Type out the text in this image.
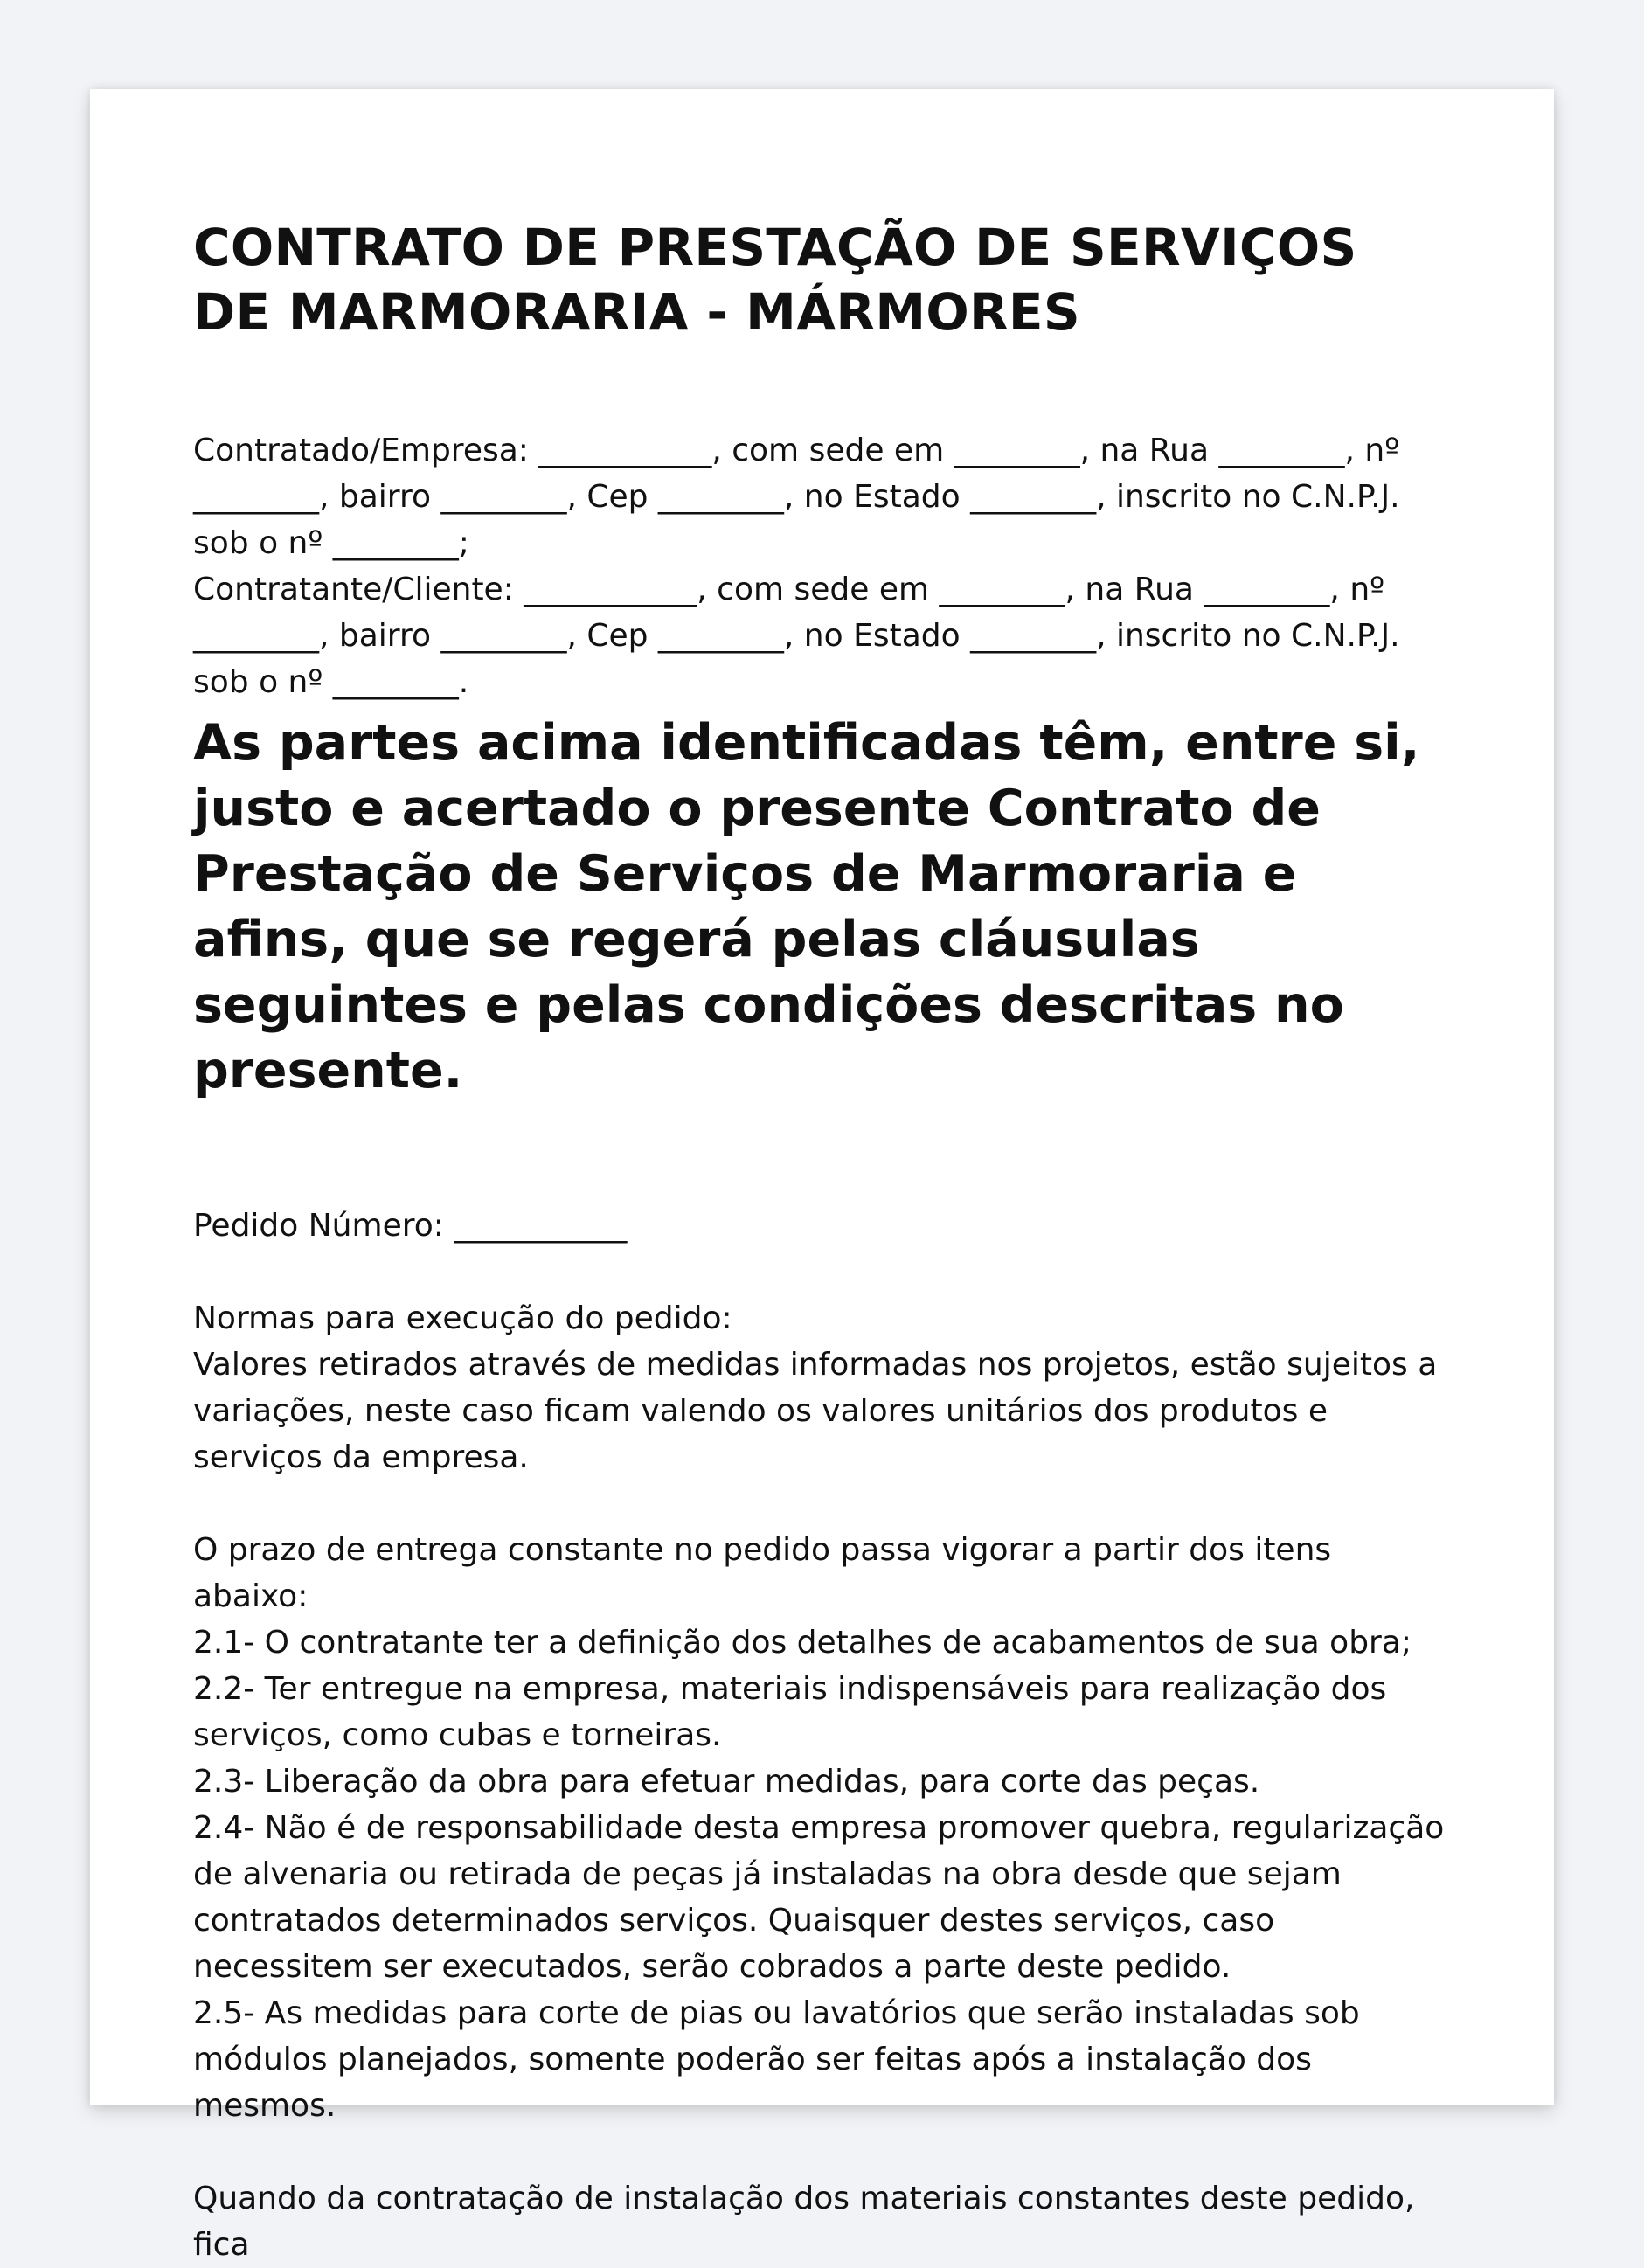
CONTRATO DE PRESTAÇÃO DE SERVIÇOS DE MARMORARIA - MÁRMORES

Contratado/Empresa: ___________, com sede em ________, na Rua ________, nº ________, bairro ________, Cep ________, no Estado ________, inscrito no C.N.P.J. sob o nº ________;

Contratante/Cliente: ___________, com sede em ________, na Rua ________, nº ________, bairro ________, Cep ________, no Estado ________, inscrito no C.N.P.J. sob o nº ________.

As partes acima identificadas têm, entre si, justo e acertado o presente Contrato de Prestação de Serviços de Marmoraria e afins, que se regerá pelas cláusulas seguintes e pelas condições descritas no presente.

Pedido Número: ___________

Normas para execução do pedido:

Valores retirados através de medidas informadas nos projetos, estão sujeitos a variações, neste caso ficam valendo os valores unitários dos produtos e serviços da empresa.

O prazo de entrega constante no pedido passa vigorar a partir dos itens abaixo:

2.1- O contratante ter a definição dos detalhes de acabamentos de sua obra;

2.2- Ter entregue na empresa, materiais indispensáveis para realização dos serviços, como cubas e torneiras.

2.3- Liberação da obra para efetuar medidas, para corte das peças.

2.4- Não é de responsabilidade desta empresa promover quebra, regularização de alvenaria ou retirada de peças já instaladas na obra desde que sejam contratados determinados serviços. Quaisquer destes serviços, caso necessitem ser executados, serão cobrados a parte deste pedido.

2.5- As medidas para corte de pias ou lavatórios que serão instaladas sob módulos planejados, somente poderão ser feitas após a instalação dos mesmos.

Quando da contratação de instalação dos materiais constantes deste pedido, fica
